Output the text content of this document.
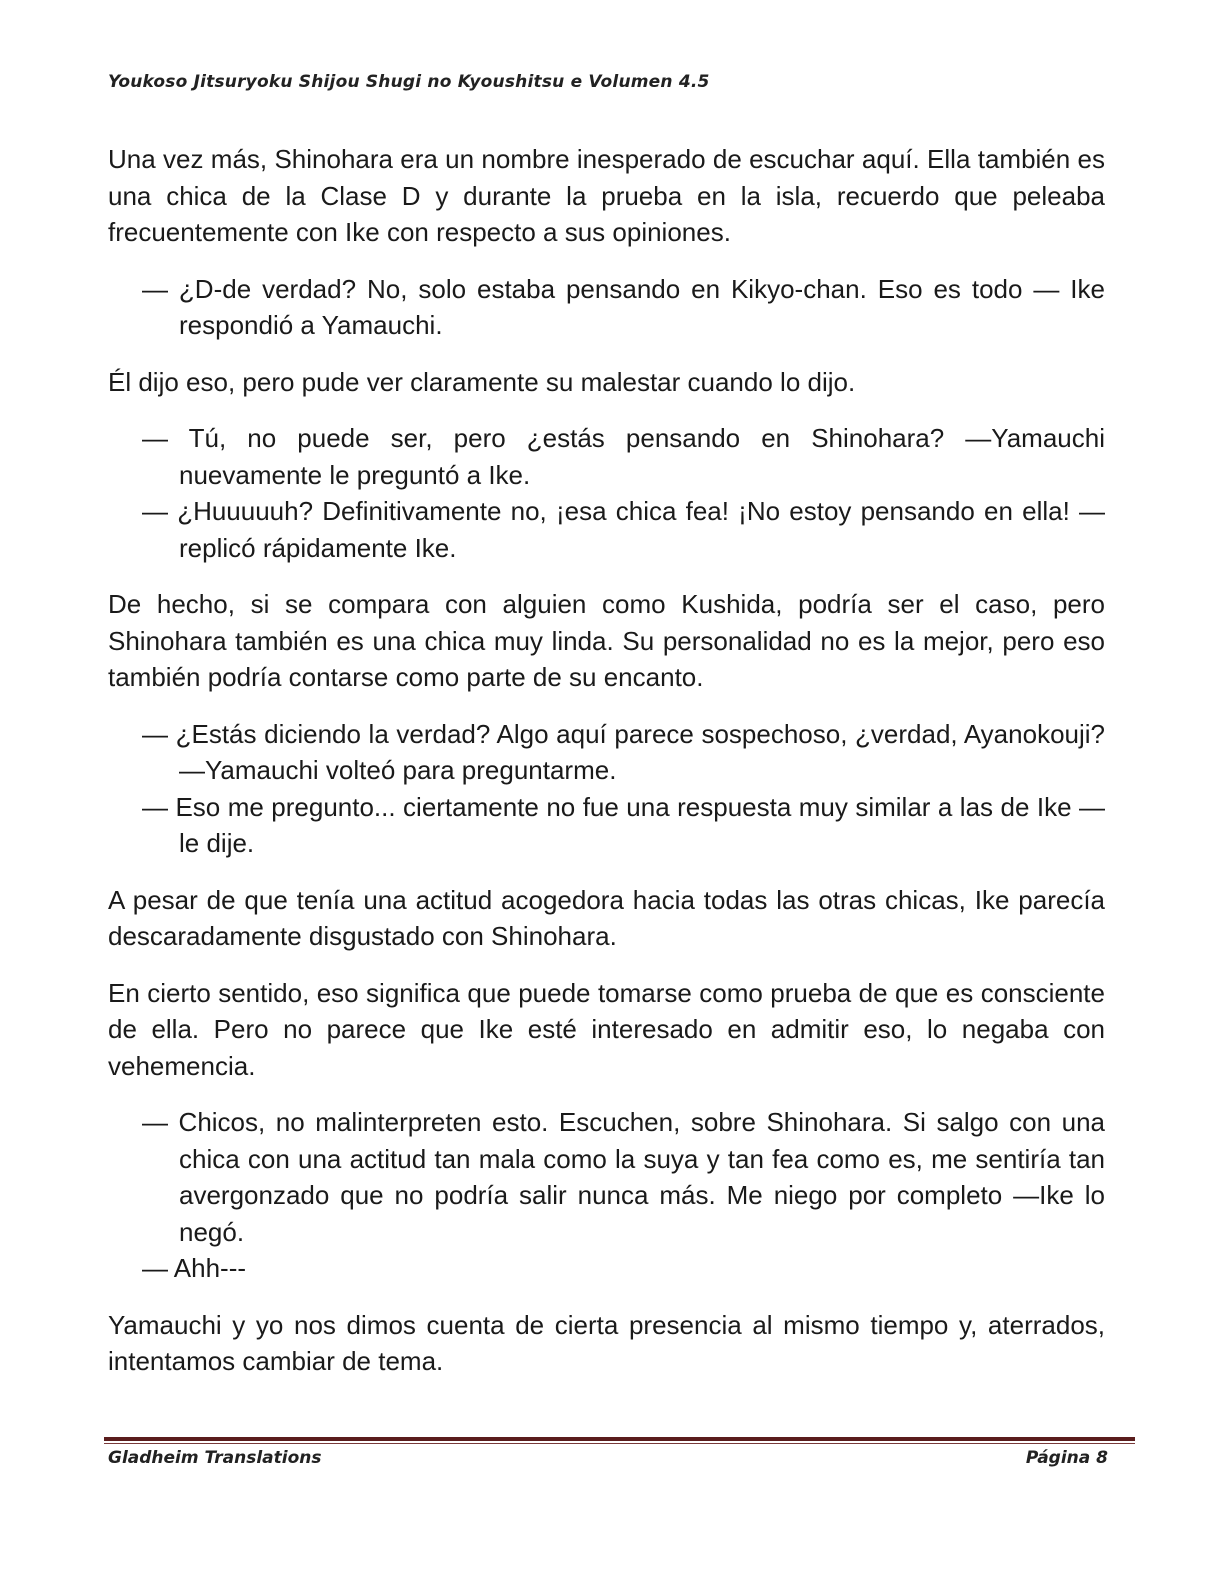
Youkoso Jitsuryoku Shijou Shugi no Kyoushitsu e Volumen 4.5

Una vez más, Shinohara era un nombre inesperado de escuchar aquí. Ella también es una chica de la Clase D y durante la prueba en la isla, recuerdo que peleaba frecuentemente con Ike con respecto a sus opiniones.

— ¿D-de verdad? No, solo estaba pensando en Kikyo-chan. Eso es todo — Ike respondió a Yamauchi.

Él dijo eso, pero pude ver claramente su malestar cuando lo dijo.

— Tú, no puede ser, pero ¿estás pensando en Shinohara? —Yamauchi nuevamente le preguntó a Ike.
— ¿Huuuuuh? Definitivamente no, ¡esa chica fea! ¡No estoy pensando en ella! —replicó rápidamente Ike.

De hecho, si se compara con alguien como Kushida, podría ser el caso, pero Shinohara también es una chica muy linda. Su personalidad no es la mejor, pero eso también podría contarse como parte de su encanto.

— ¿Estás diciendo la verdad? Algo aquí parece sospechoso, ¿verdad, Ayanokouji? —Yamauchi volteó para preguntarme.
— Eso me pregunto... ciertamente no fue una respuesta muy similar a las de Ike —le dije.

A pesar de que tenía una actitud acogedora hacia todas las otras chicas, Ike parecía descaradamente disgustado con Shinohara.

En cierto sentido, eso significa que puede tomarse como prueba de que es consciente de ella. Pero no parece que Ike esté interesado en admitir eso, lo negaba con vehemencia.

— Chicos, no malinterpreten esto. Escuchen, sobre Shinohara. Si salgo con una chica con una actitud tan mala como la suya y tan fea como es, me sentiría tan avergonzado que no podría salir nunca más. Me niego por completo —Ike lo negó.
— Ahh---

Yamauchi y yo nos dimos cuenta de cierta presencia al mismo tiempo y, aterrados, intentamos cambiar de tema.

Gladheim Translations	Página 8
